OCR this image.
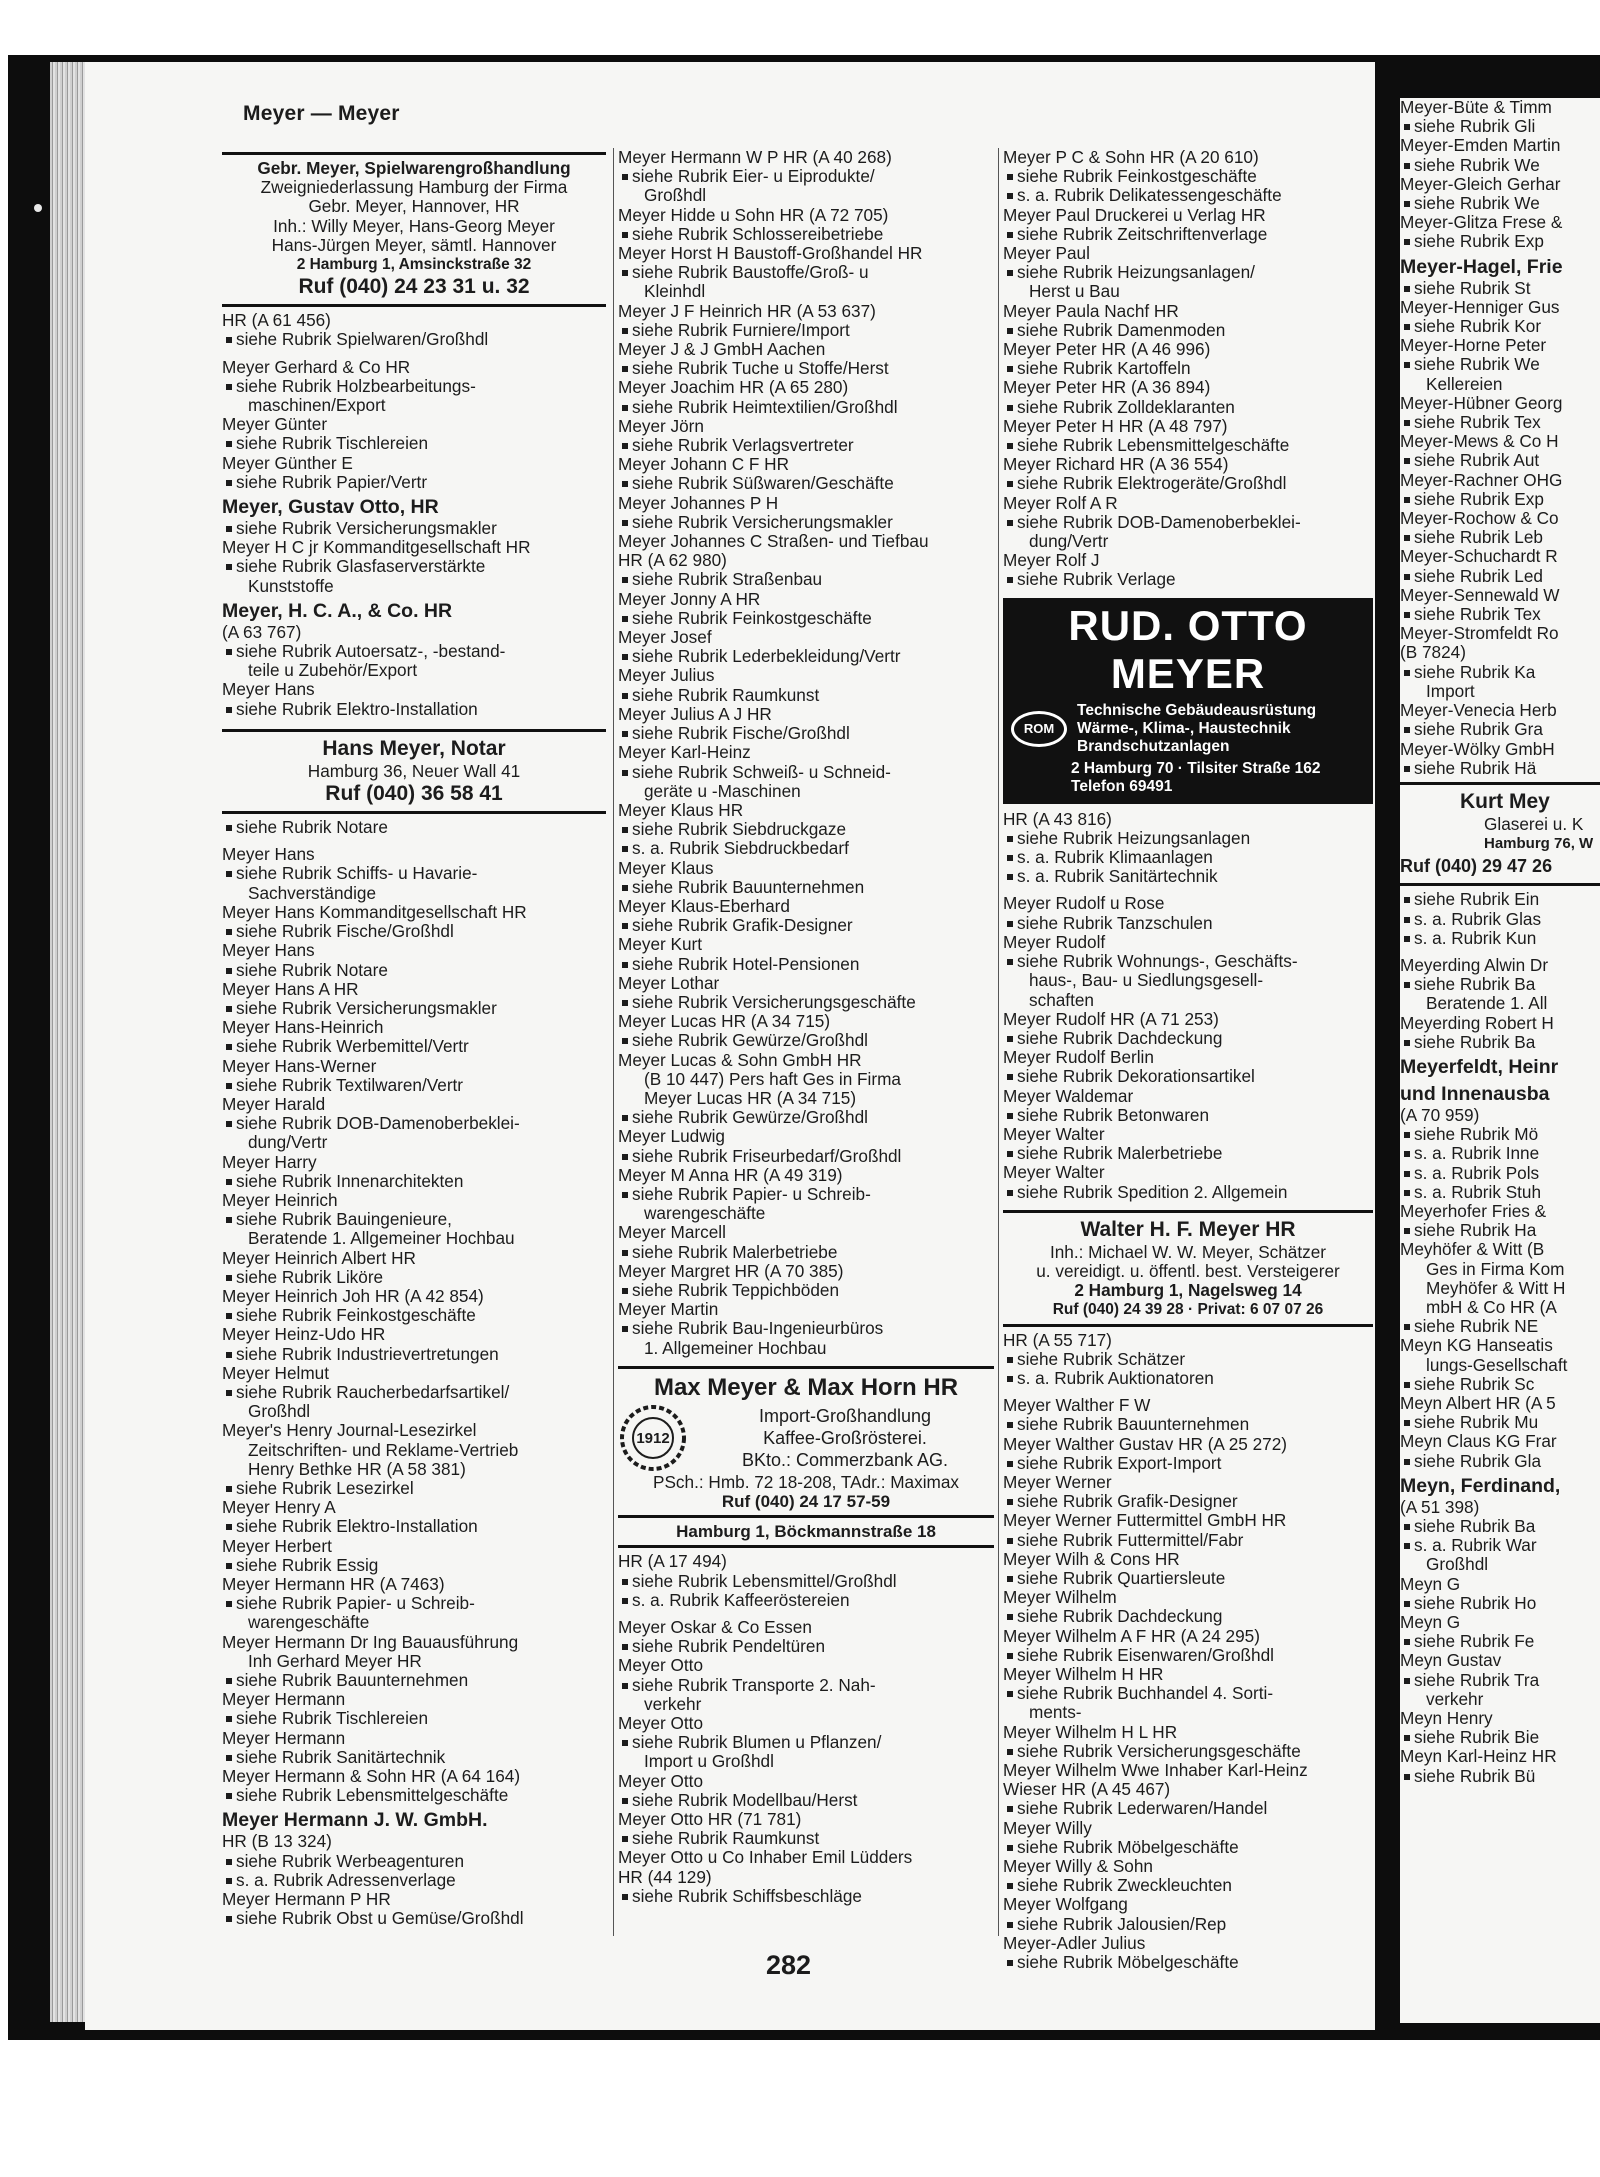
Meyer-Büte & Timm
siehe Rubrik Gli
Meyer-Emden Martin
siehe Rubrik We
Meyer-Gleich Gerhar
siehe Rubrik We
Meyer-Glitza Frese &
siehe Rubrik Exp
Meyer-Hagel, Frie
siehe Rubrik St
Meyer-Henniger Gus
siehe Rubrik Kor
Meyer-Horne Peter
siehe Rubrik We
Kellereien
Meyer-Hübner Georg
siehe Rubrik Tex
Meyer-Mews & Co H
siehe Rubrik Aut
Meyer-Rachner OHG
siehe Rubrik Exp
Meyer-Rochow & Co
siehe Rubrik Leb
Meyer-Schuchardt R
siehe Rubrik Led
Meyer-Sennewald W
siehe Rubrik Tex
Meyer-Stromfeldt Ro
(B 7824)
siehe Rubrik Ka
Import
Meyer-Venecia Herb
siehe Rubrik Gra
Meyer-Wölky GmbH
siehe Rubrik Hä
Kurt Mey
Glaserei u. K
Hamburg 76, W
Ruf (040) 29 47 26
siehe Rubrik Ein
s. a. Rubrik Glas
s. a. Rubrik Kun
Meyerding Alwin Dr
siehe Rubrik Ba
Beratende 1. All
Meyerding Robert H
siehe Rubrik Ba
Meyerfeldt, Heinr
und Innenausba
(A 70 959)
siehe Rubrik Mö
s. a. Rubrik Inne
s. a. Rubrik Pols
s. a. Rubrik Stuh
Meyerhofer Fries &
siehe Rubrik Ha
Meyhöfer & Witt (B
Ges in Firma Kom
Meyhöfer & Witt H
mbH & Co HR (A
siehe Rubrik NE
Meyn KG Hanseatis
lungs-Gesellschaft
siehe Rubrik Sc
Meyn Albert HR (A 5
siehe Rubrik Mu
Meyn Claus KG Frar
siehe Rubrik Gla
Meyn, Ferdinand,
(A 51 398)
siehe Rubrik Ba
s. a. Rubrik War
Großhdl
Meyn G
siehe Rubrik Ho
Meyn G
siehe Rubrik Fe
Meyn Gustav
siehe Rubrik Tra
verkehr
Meyn Henry
siehe Rubrik Bie
Meyn Karl-Heinz HR
siehe Rubrik Bü
Meyer — Meyer
Gebr. Meyer, Spielwarengroßhandlung
Zweigniederlassung Hamburg der Firma
Gebr. Meyer, Hannover, HR
Inh.: Willy Meyer, Hans-Georg Meyer
Hans-Jürgen Meyer, sämtl. Hannover
2 Hamburg 1, Amsinckstraße 32
Ruf (040) 24 23 31 u. 32
HR (A 61 456)
siehe Rubrik Spielwaren/Großhdl
Meyer Gerhard & Co HR
siehe Rubrik Holzbearbeitungs-
maschinen/Export
Meyer Günter
siehe Rubrik Tischlereien
Meyer Günther E
siehe Rubrik Papier/Vertr
Meyer, Gustav Otto, HR
siehe Rubrik Versicherungsmakler
Meyer H C jr Kommanditgesellschaft HR
siehe Rubrik Glasfaserverstärkte
Kunststoffe
Meyer, H. C. A., & Co. HR
(A 63 767)
siehe Rubrik Autoersatz-, -bestand-
teile u Zubehör/Export
Meyer Hans
siehe Rubrik Elektro-Installation
Hans Meyer, Notar
Hamburg 36, Neuer Wall 41
Ruf (040) 36 58 41
siehe Rubrik Notare
Meyer Hans
siehe Rubrik Schiffs- u Havarie-
Sachverständige
Meyer Hans Kommanditgesellschaft HR
siehe Rubrik Fische/Großhdl
Meyer Hans
siehe Rubrik Notare
Meyer Hans A HR
siehe Rubrik Versicherungsmakler
Meyer Hans-Heinrich
siehe Rubrik Werbemittel/Vertr
Meyer Hans-Werner
siehe Rubrik Textilwaren/Vertr
Meyer Harald
siehe Rubrik DOB-Damenoberbeklei-
dung/Vertr
Meyer Harry
siehe Rubrik Innenarchitekten
Meyer Heinrich
siehe Rubrik Bauingenieure,
Beratende 1. Allgemeiner Hochbau
Meyer Heinrich Albert HR
siehe Rubrik Liköre
Meyer Heinrich Joh HR (A 42 854)
siehe Rubrik Feinkostgeschäfte
Meyer Heinz-Udo HR
siehe Rubrik Industrievertretungen
Meyer Helmut
siehe Rubrik Raucherbedarfsartikel/
Großhdl
Meyer's Henry Journal-Lesezirkel
Zeitschriften- und Reklame-Vertrieb
Henry Bethke HR (A 58 381)
siehe Rubrik Lesezirkel
Meyer Henry A
siehe Rubrik Elektro-Installation
Meyer Herbert
siehe Rubrik Essig
Meyer Hermann HR (A 7463)
siehe Rubrik Papier- u Schreib-
warengeschäfte
Meyer Hermann Dr Ing Bauausführung
Inh Gerhard Meyer HR
siehe Rubrik Bauunternehmen
Meyer Hermann
siehe Rubrik Tischlereien
Meyer Hermann
siehe Rubrik Sanitärtechnik
Meyer Hermann & Sohn HR (A 64 164)
siehe Rubrik Lebensmittelgeschäfte
Meyer Hermann J. W. GmbH.
HR (B 13 324)
siehe Rubrik Werbeagenturen
s. a. Rubrik Adressenverlage
Meyer Hermann P HR
siehe Rubrik Obst u Gemüse/Großhdl
Meyer Hermann W P HR (A 40 268)
siehe Rubrik Eier- u Eiprodukte/
Großhdl
Meyer Hidde u Sohn HR (A 72 705)
siehe Rubrik Schlossereibetriebe
Meyer Horst H Baustoff-Großhandel HR
siehe Rubrik Baustoffe/Groß- u
Kleinhdl
Meyer J F Heinrich HR (A 53 637)
siehe Rubrik Furniere/Import
Meyer J & J GmbH Aachen
siehe Rubrik Tuche u Stoffe/Herst
Meyer Joachim HR (A 65 280)
siehe Rubrik Heimtextilien/Großhdl
Meyer Jörn
siehe Rubrik Verlagsvertreter
Meyer Johann C F HR
siehe Rubrik Süßwaren/Geschäfte
Meyer Johannes P H
siehe Rubrik Versicherungsmakler
Meyer Johannes C Straßen- und Tiefbau
HR (A 62 980)
siehe Rubrik Straßenbau
Meyer Jonny A HR
siehe Rubrik Feinkostgeschäfte
Meyer Josef
siehe Rubrik Lederbekleidung/Vertr
Meyer Julius
siehe Rubrik Raumkunst
Meyer Julius A J HR
siehe Rubrik Fische/Großhdl
Meyer Karl-Heinz
siehe Rubrik Schweiß- u Schneid-
geräte u -Maschinen
Meyer Klaus HR
siehe Rubrik Siebdruckgaze
s. a. Rubrik Siebdruckbedarf
Meyer Klaus
siehe Rubrik Bauunternehmen
Meyer Klaus-Eberhard
siehe Rubrik Grafik-Designer
Meyer Kurt
siehe Rubrik Hotel-Pensionen
Meyer Lothar
siehe Rubrik Versicherungsgeschäfte
Meyer Lucas HR (A 34 715)
siehe Rubrik Gewürze/Großhdl
Meyer Lucas & Sohn GmbH HR
(B 10 447) Pers haft Ges in Firma
Meyer Lucas HR (A 34 715)
siehe Rubrik Gewürze/Großhdl
Meyer Ludwig
siehe Rubrik Friseurbedarf/Großhdl
Meyer M Anna HR (A 49 319)
siehe Rubrik Papier- u Schreib-
warengeschäfte
Meyer Marcell
siehe Rubrik Malerbetriebe
Meyer Margret HR (A 70 385)
siehe Rubrik Teppichböden
Meyer Martin
siehe Rubrik Bau-Ingenieurbüros
1. Allgemeiner Hochbau
Max Meyer & Max Horn HR
1912
Import-Großhandlung
Kaffee-Großrösterei.
BKto.: Commerzbank AG.
PSch.: Hmb. 72 18-208, TAdr.: Maximax
Ruf (040) 24 17 57-59
Hamburg 1, Böckmannstraße 18
HR (A 17 494)
siehe Rubrik Lebensmittel/Großhdl
s. a. Rubrik Kaffeeröstereien
Meyer Oskar & Co Essen
siehe Rubrik Pendeltüren
Meyer Otto
siehe Rubrik Transporte 2. Nah-
verkehr
Meyer Otto
siehe Rubrik Blumen u Pflanzen/
Import u Großhdl
Meyer Otto
siehe Rubrik Modellbau/Herst
Meyer Otto HR (71 781)
siehe Rubrik Raumkunst
Meyer Otto u Co Inhaber Emil Lüdders
HR (44 129)
siehe Rubrik Schiffsbeschläge
Meyer P C & Sohn HR (A 20 610)
siehe Rubrik Feinkostgeschäfte
s. a. Rubrik Delikatessengeschäfte
Meyer Paul Druckerei u Verlag HR
siehe Rubrik Zeitschriftenverlage
Meyer Paul
siehe Rubrik Heizungsanlagen/
Herst u Bau
Meyer Paula Nachf HR
siehe Rubrik Damenmoden
Meyer Peter HR (A 46 996)
siehe Rubrik Kartoffeln
Meyer Peter HR (A 36 894)
siehe Rubrik Zolldeklaranten
Meyer Peter H HR (A 48 797)
siehe Rubrik Lebensmittelgeschäfte
Meyer Richard HR (A 36 554)
siehe Rubrik Elektrogeräte/Großhdl
Meyer Rolf A R
siehe Rubrik DOB-Damenoberbeklei-
dung/Vertr
Meyer Rolf J
siehe Rubrik Verlage
RUD. OTTO MEYER
ROM
Technische Gebäudeausrüstung
Wärme-, Klima-, Haustechnik
Brandschutzanlagen
2 Hamburg 70 · Tilsiter Straße 162
Telefon 69491
HR (A 43 816)
siehe Rubrik Heizungsanlagen
s. a. Rubrik Klimaanlagen
s. a. Rubrik Sanitärtechnik
Meyer Rudolf u Rose
siehe Rubrik Tanzschulen
Meyer Rudolf
siehe Rubrik Wohnungs-, Geschäfts-
haus-, Bau- u Siedlungsgesell-
schaften
Meyer Rudolf HR (A 71 253)
siehe Rubrik Dachdeckung
Meyer Rudolf Berlin
siehe Rubrik Dekorationsartikel
Meyer Waldemar
siehe Rubrik Betonwaren
Meyer Walter
siehe Rubrik Malerbetriebe
Meyer Walter
siehe Rubrik Spedition 2. Allgemein
Walter H. F. Meyer HR
Inh.: Michael W. W. Meyer, Schätzer
u. vereidigt. u. öffentl. best. Versteigerer
2 Hamburg 1, Nagelsweg 14
Ruf (040) 24 39 28 · Privat: 6 07 07 26
HR (A 55 717)
siehe Rubrik Schätzer
s. a. Rubrik Auktionatoren
Meyer Walther F W
siehe Rubrik Bauunternehmen
Meyer Walther Gustav HR (A 25 272)
siehe Rubrik Export-Import
Meyer Werner
siehe Rubrik Grafik-Designer
Meyer Werner Futtermittel GmbH HR
siehe Rubrik Futtermittel/Fabr
Meyer Wilh & Cons HR
siehe Rubrik Quartiersleute
Meyer Wilhelm
siehe Rubrik Dachdeckung
Meyer Wilhelm A F HR (A 24 295)
siehe Rubrik Eisenwaren/Großhdl
Meyer Wilhelm H HR
siehe Rubrik Buchhandel 4. Sorti-
ments-
Meyer Wilhelm H L HR
siehe Rubrik Versicherungsgeschäfte
Meyer Wilhelm Wwe Inhaber Karl-Heinz
Wieser HR (A 45 467)
siehe Rubrik Lederwaren/Handel
Meyer Willy
siehe Rubrik Möbelgeschäfte
Meyer Willy & Sohn
siehe Rubrik Zweckleuchten
Meyer Wolfgang
siehe Rubrik Jalousien/Rep
Meyer-Adler Julius
siehe Rubrik Möbelgeschäfte
282
